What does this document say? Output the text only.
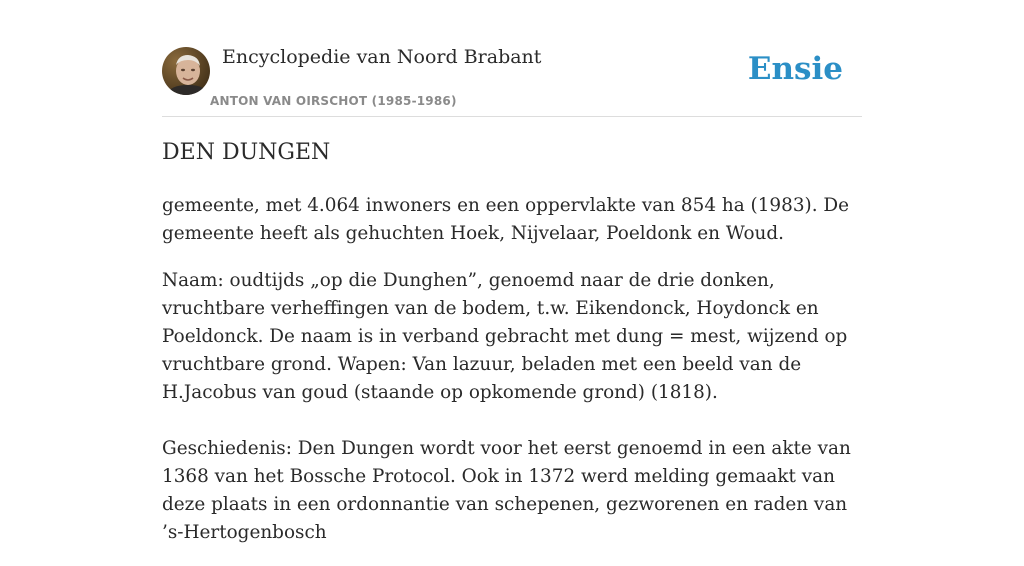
Encyclopedie van Noord Brabant
ANTON VAN OIRSCHOT (1985-1986)
Ensie
DEN DUNGEN

gemeente, met 4.064 inwoners en een oppervlakte van 854 ha (1983). De gemeente heeft als gehuchten Hoek, Nijvelaar, Poeldonk en Woud.

Naam: oudtijds „op die Dunghen”, genoemd naar de drie donken, vruchtbare verheffingen van de bodem, t.w. Eikendonck, Hoydonck en Poeldonck. De naam is in verband gebracht met dung = mest, wijzend op vruchtbare grond. Wapen: Van lazuur, beladen met een beeld van de H.Jacobus van goud (staande op opkomende grond) (1818).

Geschiedenis: Den Dungen wordt voor het eerst genoemd in een akte van 1368 van het Bossche Protocol. Ook in 1372 werd melding gemaakt van deze plaats in een ordonnantie van schepenen, gezworenen en raden van ’s-Hertogenbosch
